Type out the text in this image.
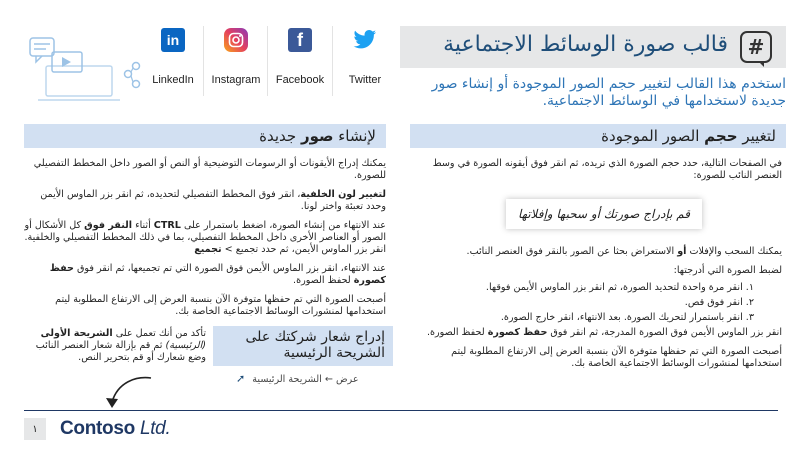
#
قالب صورة الوسائط الاجتماعية
استخدم هذا القالب لتغيير حجم الصور الموجودة أو إنشاء صور جديدة لاستخدامها في الوسائط الاجتماعية.
in
LinkedIn Instagram
f
Facebook Twitter
لتغيير حجم الصور الموجودة

في الصفحات التالية، حدد حجم الصورة الذي تريده، ثم انقر فوق أيقونه الصورة في وسط العنصر النائب للصورة:

قم بإدراج صورتك أو سحبها وإفلاتها

يمكنك السحب والإفلات أو الاستعراض بحثا عن الصور بالنقر فوق العنصر النائب.

لضبط الصورة التي أدرجتها:

١. انقر مرة واحدة لتحديد الصورة، ثم انقر بزر الماوس الأيمن فوقها.
٢. انقر فوق قص.
٣. انقر باستمرار لتحريك الصورة. بعد الانتهاء، انقر خارج الصورة.

انقر بزر الماوس الأيمن فوق الصورة المدرجة، ثم انقر فوق حفظ كصورة لحفظ الصورة.

أصبحت الصورة التي تم حفظها متوفرة الآن بنسبة العرض إلى الارتفاع المطلوبة ليتم استخدامها لمنشورات الوسائط الاجتماعية الخاصة بك.

لإنشاء صور جديدة

يمكنك إدراج الأيقونات أو الرسومات التوضيحية أو النص أو الصور داخل المخطط التفصيلي للصورة.

لتغيير لون الخلفية، انقر فوق المخطط التفصيلي لتحديده، ثم انقر بزر الماوس الأيمن وحدد تعبئة واختر لونا.

عند الانتهاء من إنشاء الصورة، اضغط باستمرار على CTRL أثناء النقر فوق كل الأشكال أو الصور أو العناصر الأخرى داخل المخطط التفصيلي، بما في ذلك المخطط التفصيلي والخلفية. انقر بزر الماوس الأيمن، ثم حدد تجميع > تجميع

عند الانتهاء، انقر بزر الماوس الأيمن فوق الصورة التي تم تجميعها، ثم انقر فوق حفظ كصورة لحفظ الصورة.

أصبحت الصورة التي تم حفظها متوفرة الآن بنسبة العرض إلى الارتفاع المطلوبة ليتم استخدامها لمنشورات الوسائط الاجتماعية الخاصة بك.

إدراج شعار شركتك على الشريحة الرئيسية
عرض ← الشريحة الرئيسية ➚
تأكد من أنك تعمل على الشريحة الأولى (الرئيسية) ثم قم بإزالة شعار العنصر النائب وضع شعارك أو قم بتحرير النص.
١	Contoso Ltd.
